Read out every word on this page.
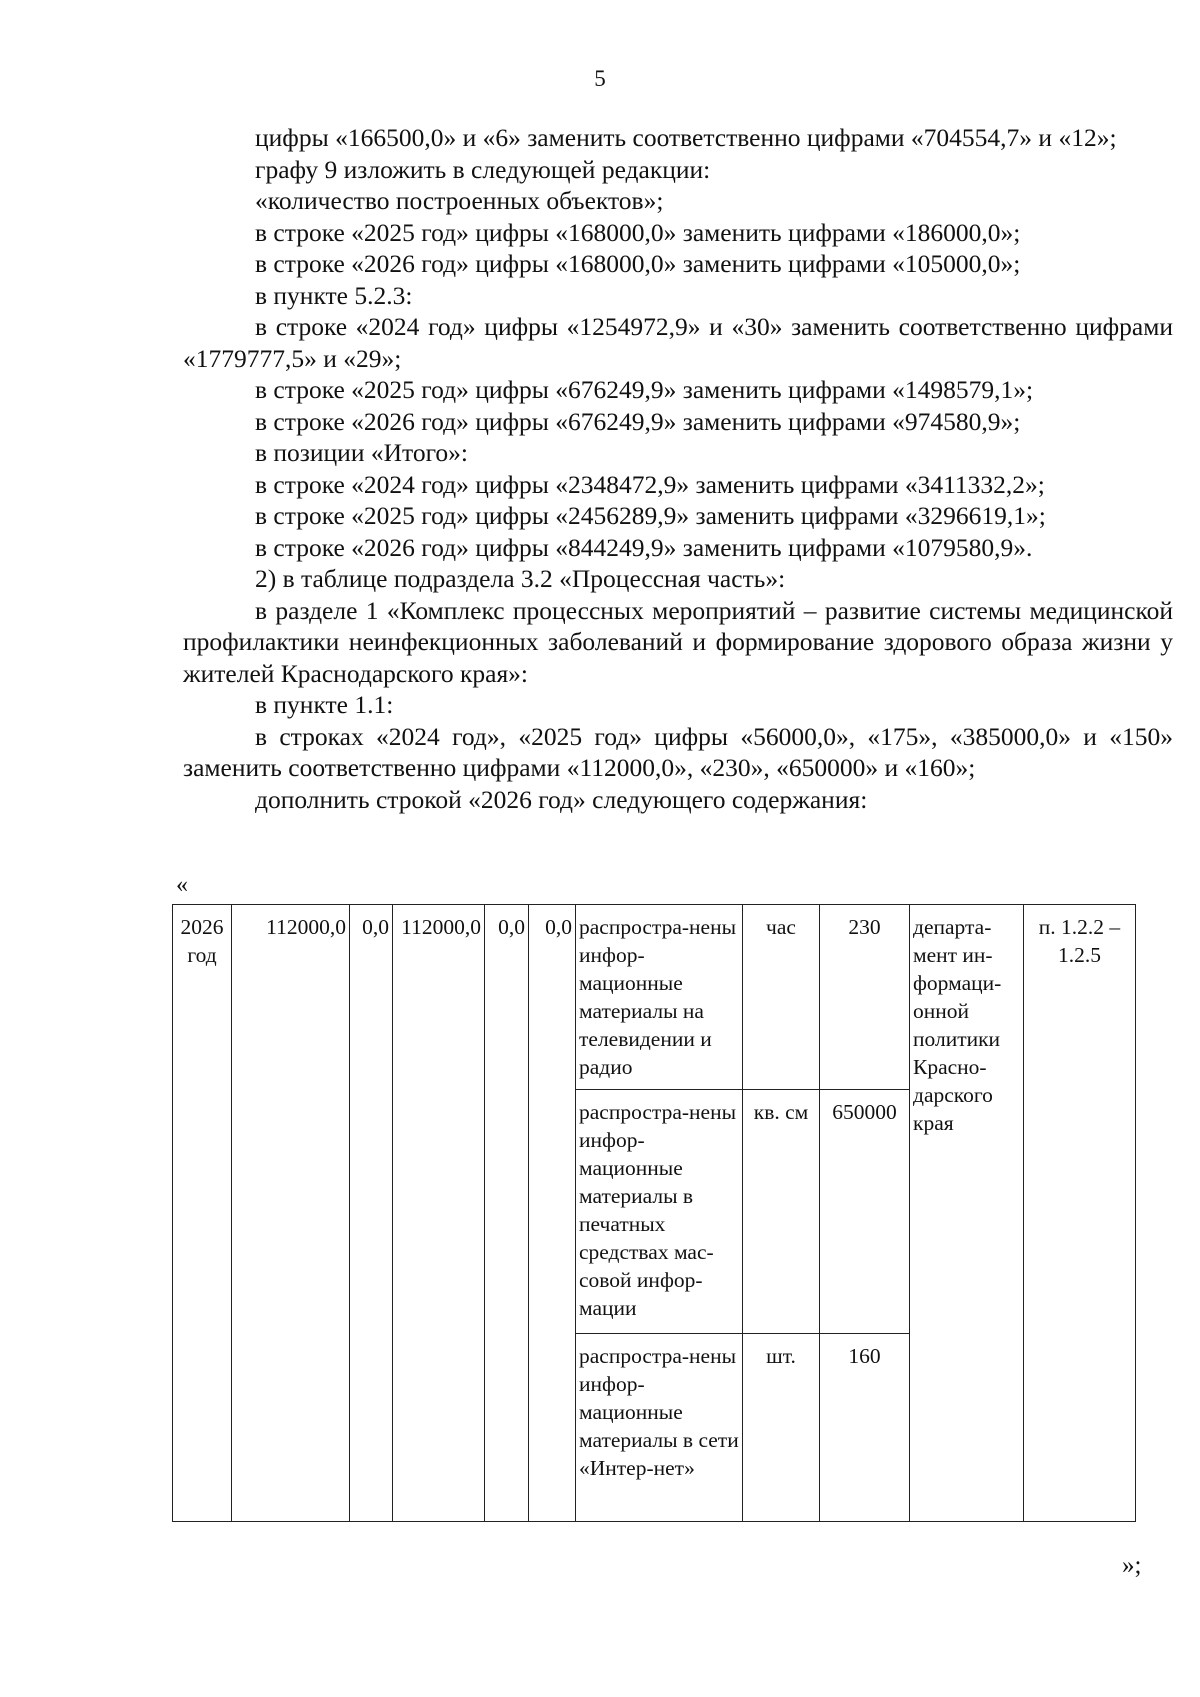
5

цифры «166500,0» и «6» заменить соответственно цифрами «704554,7» и «12»;

графу 9 изложить в следующей редакции:

«количество построенных объектов»;

в строке «2025 год» цифры «168000,0» заменить цифрами «186000,0»;

в строке «2026 год» цифры «168000,0» заменить цифрами «105000,0»;

в пункте 5.2.3:

в строке «2024 год» цифры «1254972,9» и «30» заменить соответственно цифрами «1779777,5» и «29»;

в строке «2025 год» цифры «676249,9» заменить цифрами «1498579,1»;

в строке «2026 год» цифры «676249,9» заменить цифрами «974580,9»;

в позиции «Итого»:

в строке «2024 год» цифры «2348472,9» заменить цифрами «3411332,2»;

в строке «2025 год» цифры «2456289,9» заменить цифрами «3296619,1»;

в строке «2026 год» цифры «844249,9» заменить цифрами «1079580,9».

2) в таблице подраздела 3.2 «Процессная часть»:

в разделе 1 «Комплекс процессных мероприятий – развитие системы медицинской профилактики неинфекционных заболеваний и формирование здорового образа жизни у жителей Краснодарского края»:

в пункте 1.1:

в строках «2024 год», «2025 год» цифры «56000,0», «175», «385000,0» и «150» заменить соответственно цифрами «112000,0», «230», «650000» и «160»;

дополнить строкой «2026 год» следующего содержания:

«
2026 год	112000,0	0,0	112000,0	0,0	0,0	распростра-нены инфор-мационные материалы на телевидении и радио	час	230	департа-мент ин-формаци-онной политики Красно-дарского края	п. 1.2.2 – 1.2.5
						распростра-нены инфор-мационные материалы в печатных средствах мас-совой инфор-мации	кв. см	650000		
						распростра-нены инфор-мационные материалы в сети «Интер-нет»	шт.	160		
»;
